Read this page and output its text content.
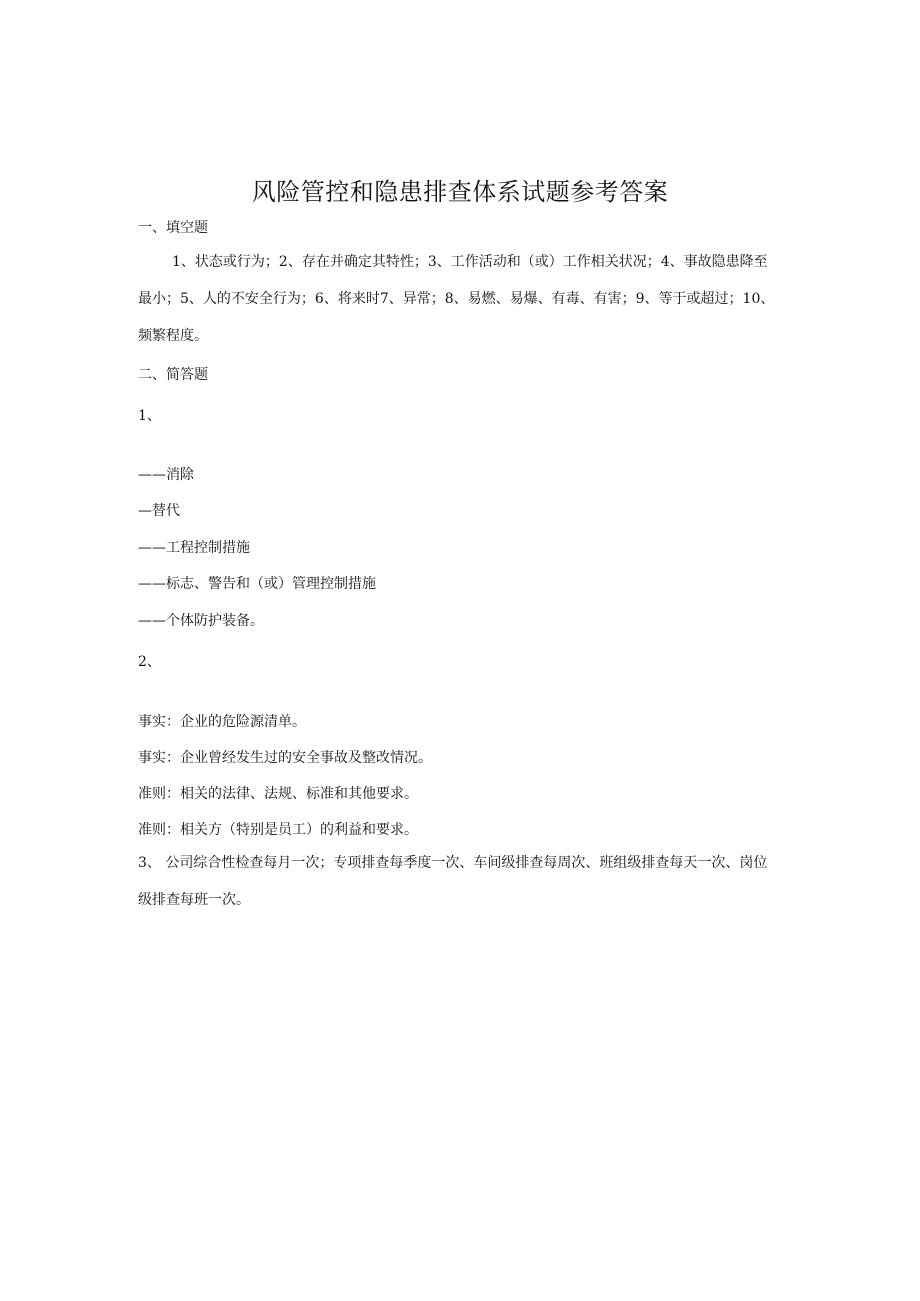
风险管控和隐患排查体系试题参考答案
一、填空题
1、状态或行为；2、存在并确定其特性；3、工作活动和（或）工作相关状况；4、事故隐患降至最小；5、人的不安全行为；6、将来时7、异常；8、易燃、易爆、有毒、有害；9、等于或超过；10、频繁程度。
二、简答题
1、
——消除
—替代
——工程控制措施
——标志、警告和（或）管理控制措施
——个体防护装备。
2、
事实：企业的危险源清单。
事实：企业曾经发生过的安全事故及整改情况。
准则：相关的法律、法规、标准和其他要求。
准则：相关方（特别是员工）的利益和要求。
3、 公司综合性检查每月一次；专项排查每季度一次、车间级排查每周次、班组级排查每天一次、岗位级排查每班一次。
